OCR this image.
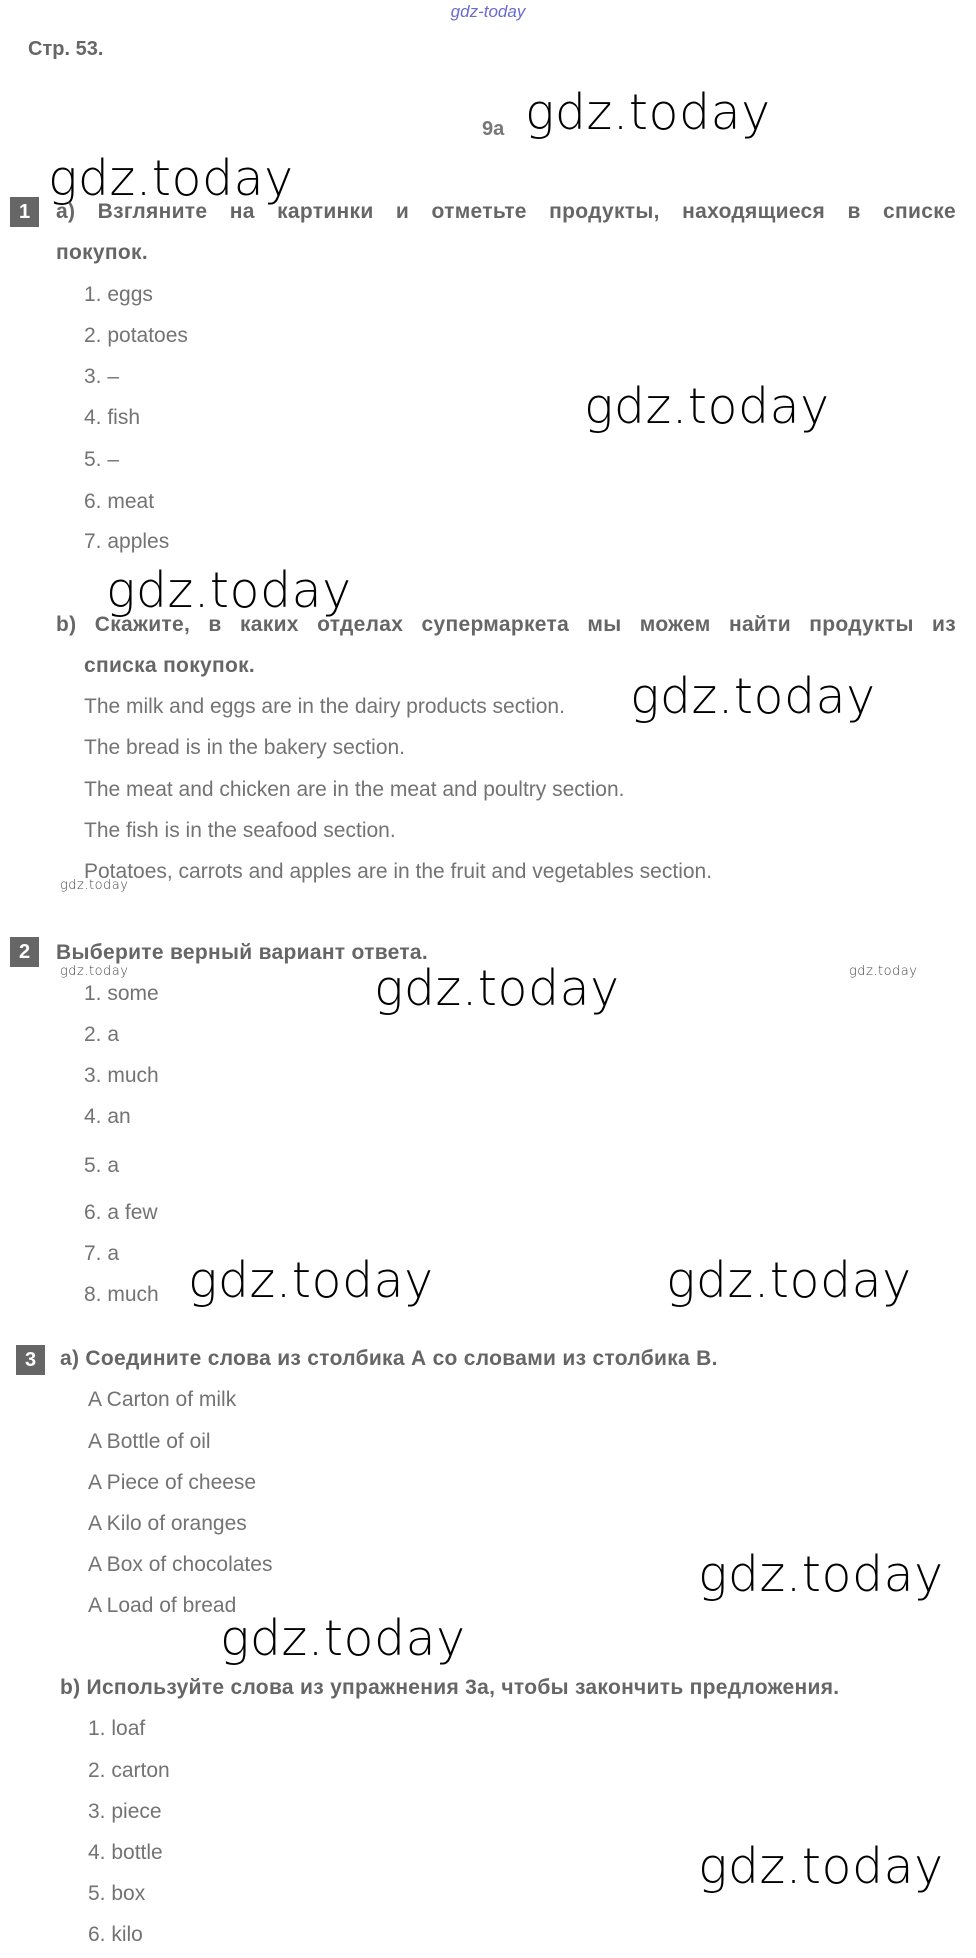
gdz-today
Стр. 53.
9a gdz.today
gdz.today
gdz.today
gdz.today
gdz.today
gdz.today
gdz.today	gdz.today
gdz.today
gdz.today	gdz.today
gdz.today
gdz.today
gdz.today
1	а) Взгляните на картинки и отметьте продукты, находящиеся в списке
покупок.
1. eggs
2. potatoes
3. –
4. fish
5. –
6. meat
7. apples
b) Скажите, в каких отделах супермаркета мы можем найти продукты из
списка покупок.
The milk and eggs are in the dairy products section.
The bread is in the bakery section.
The meat and chicken are in the meat and poultry section.
The fish is in the seafood section.
Potatoes, carrots and apples are in the fruit and vegetables section.
2	Выберите верный вариант ответа.
1. some
2. a
3. much
4. an
5. a
6. a few
7. a
8. much
3	а) Соедините слова из столбика А со словами из столбика В.
A Carton of milk
A Bottle of oil
A Piece of cheese
A Kilo of oranges
A Box of chocolates
A Load of bread
b) Используйте слова из упражнения 3а, чтобы закончить предложения.
1. loaf
2. carton
3. piece
4. bottle
5. box
6. kilo
